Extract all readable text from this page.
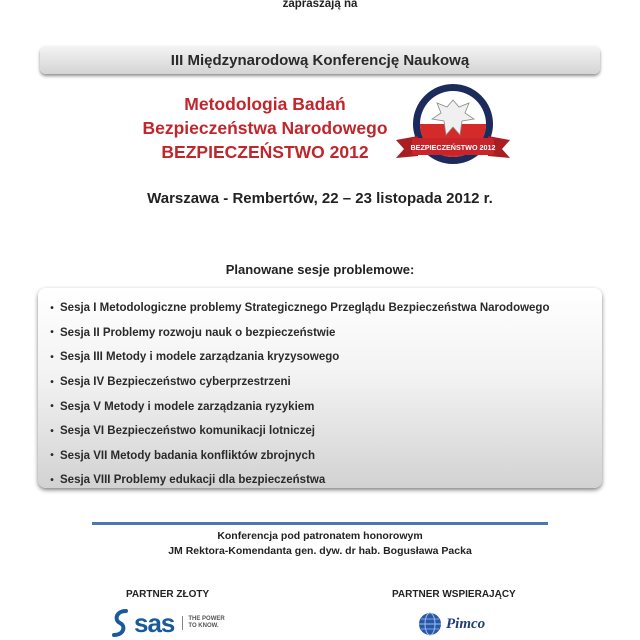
zapraszają na
III Międzynarodową Konferencję Naukową
Metodologia Badań
Bezpieczeństwa Narodowego
BEZPIECZEŃSTWO 2012	BEZPIECZEŃSTWO 2012
Warszawa - Rembertów, 22 – 23 listopada 2012 r.
Planowane sesje problemowe:
• Sesja I Metodologiczne problemy Strategicznego Przeglądu Bezpieczeństwa Narodowego
• Sesja II Problemy rozwoju nauk o bezpieczeństwie
• Sesja III Metody i modele zarządzania kryzysowego
• Sesja IV Bezpieczeństwo cyberprzestrzeni
• Sesja V Metody i modele zarządzania ryzykiem
• Sesja VI Bezpieczeństwo komunikacji lotniczej
• Sesja VII Metody badania konfliktów zbrojnych
• Sesja VIII Problemy edukacji dla bezpieczeństwa
Konferencja pod patronatem honorowym
JM Rektora-Komendanta gen. dyw. dr hab. Bogusława Packa
PARTNER ZŁOTY	PARTNER WSPIERAJĄCY
sas	THE POWER TO KNOW.	Pimco
